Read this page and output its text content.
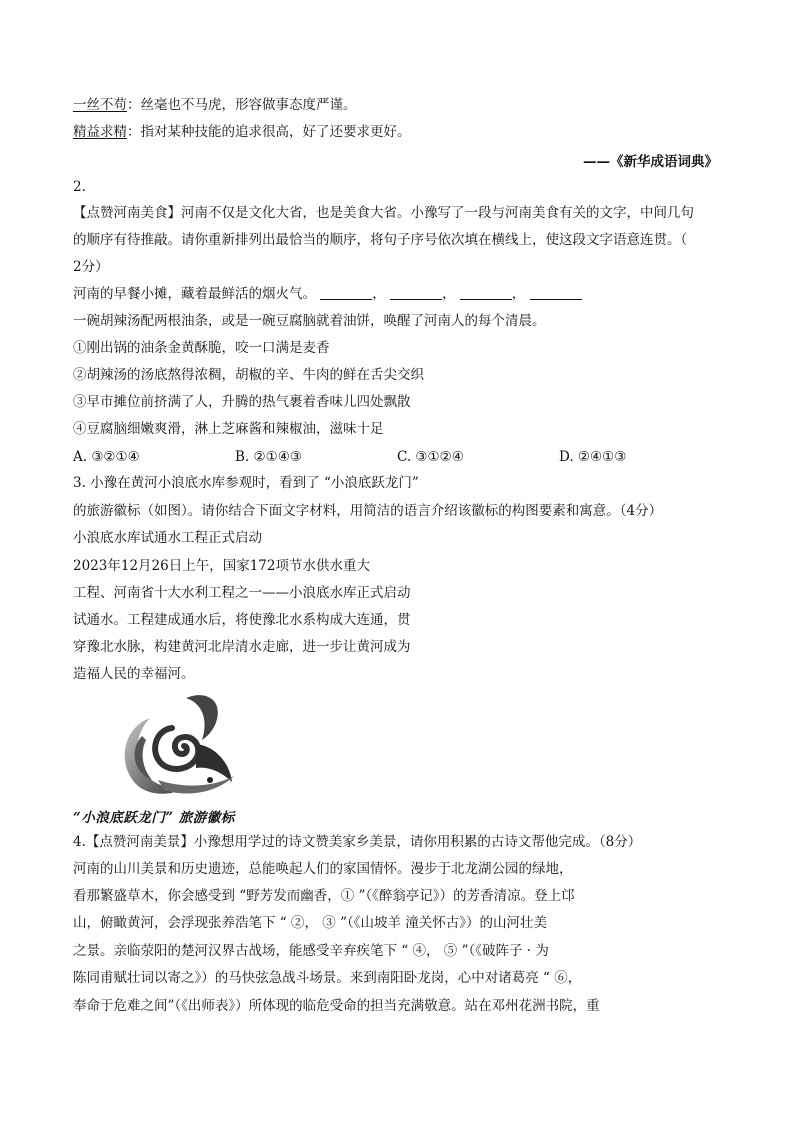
一丝不苟：丝毫也不马虎，形容做事态度严谨。
精益求精：指对某种技能的追求很高，好了还要求更好。
——《新华成语词典》
2.
【点赞河南美食】河南不仅是文化大省，也是美食大省。小豫写了一段与河南美食有关的文字，中间几句
的顺序有待推敲。请你重新排列出最恰当的顺序，将句子序号依次填在横线上，使这段文字语意连贯。（
2分）
河南的早餐小摊，藏着最鲜活的烟火气。	，	，	，
一碗胡辣汤配两根油条，或是一碗豆腐脑就着油饼，唤醒了河南人的每个清晨。
①刚出锅的油条金黄酥脆，咬一口满是麦香
②胡辣汤的汤底熬得浓稠，胡椒的辛、牛肉的鲜在舌尖交织
③早市摊位前挤满了人，升腾的热气裹着香味儿四处飘散
④豆腐脑细嫩爽滑，淋上芝麻酱和辣椒油，滋味十足
A. ③②①④	B. ②①④③	C. ③①②④	D. ②④①③
3. 小豫在黄河小浪底水库参观时，看到了 “小浪底跃龙门”
的旅游徽标（如图）。请你结合下面文字材料，用简洁的语言介绍该徽标的构图要素和寓意。（4分）
小浪底水库试通水工程正式启动
2023年12月26日上午，国家172项节水供水重大
工程、河南省十大水利工程之一——小浪底水库正式启动
试通水。工程建成通水后，将使豫北水系构成大连通，贯
穿豫北水脉，构建黄河北岸清水走廊，进一步让黄河成为
造福人民的幸福河。
“小浪底跃龙门” 旅游徽标
4.【点赞河南美景】小豫想用学过的诗文赞美家乡美景，请你用积累的古诗文帮他完成。（8分）
河南的山川美景和历史遗迹，总能唤起人们的家国情怀。漫步于北龙湖公园的绿地，
看那繁盛草木，你会感受到 “野芳发而幽香，① ”（《醉翁亭记》）的芳香清凉。登上邙
山，俯瞰黄河，会浮现张养浩笔下 “ ②， ③ ”（《山坡羊 潼关怀古》）的山河壮美
之景。亲临荥阳的楚河汉界古战场，能感受辛弃疾笔下 “ ④， ⑤ ”（《破阵子 · 为
陈同甫赋壮词以寄之》）的马快弦急战斗场景。来到南阳卧龙岗，心中对诸葛亮 “ ⑥，
奉命于危难之间”（《出师表》）所体现的临危受命的担当充满敬意。站在邓州花洲书院，重
